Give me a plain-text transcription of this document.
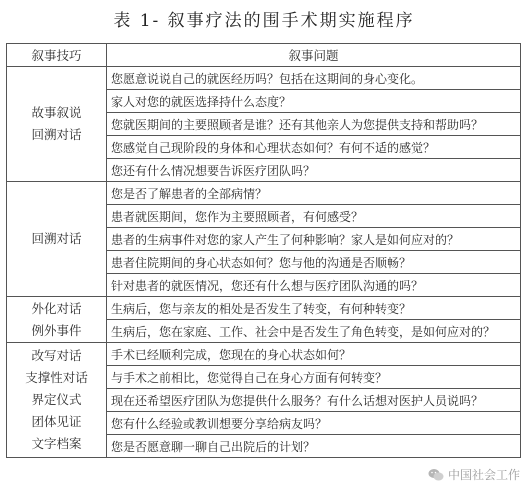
表 1- 叙事疗法的围手术期实施程序
叙事技巧	叙事问题
故事叙说
回溯对话	您愿意说说自己的就医经历吗？包括在这期间的身心变化。
	家人对您的就医选择持什么态度？
	您就医期间的主要照顾者是谁？还有其他亲人为您提供支持和帮助吗？
	您感觉自己现阶段的身体和心理状态如何？有何不适的感觉？
	您还有什么情况想要告诉医疗团队吗？
回溯对话	您是否了解患者的全部病情？
	患者就医期间，您作为主要照顾者，有何感受？
	患者的生病事件对您的家人产生了何种影响？家人是如何应对的？
	患者住院期间的身心状态如何？您与他的沟通是否顺畅？
	针对患者的就医情况，您还有什么想与医疗团队沟通的吗？
外化对话
例外事件	生病后，您与亲友的相处是否发生了转变，有何种转变？
	生病后，您在家庭、工作、社会中是否发生了角色转变，是如何应对的？
改写对话
支撑性对话
界定仪式
团体见证
文字档案	手术已经顺利完成，您现在的身心状态如何？
	与手术之前相比，您觉得自己在身心方面有何转变？
	现在还希望医疗团队为您提供什么服务？有什么话想对医护人员说吗？
	您有什么经验或教训想要分享给病友吗？
	您是否愿意聊一聊自己出院后的计划？
中国社会工作
